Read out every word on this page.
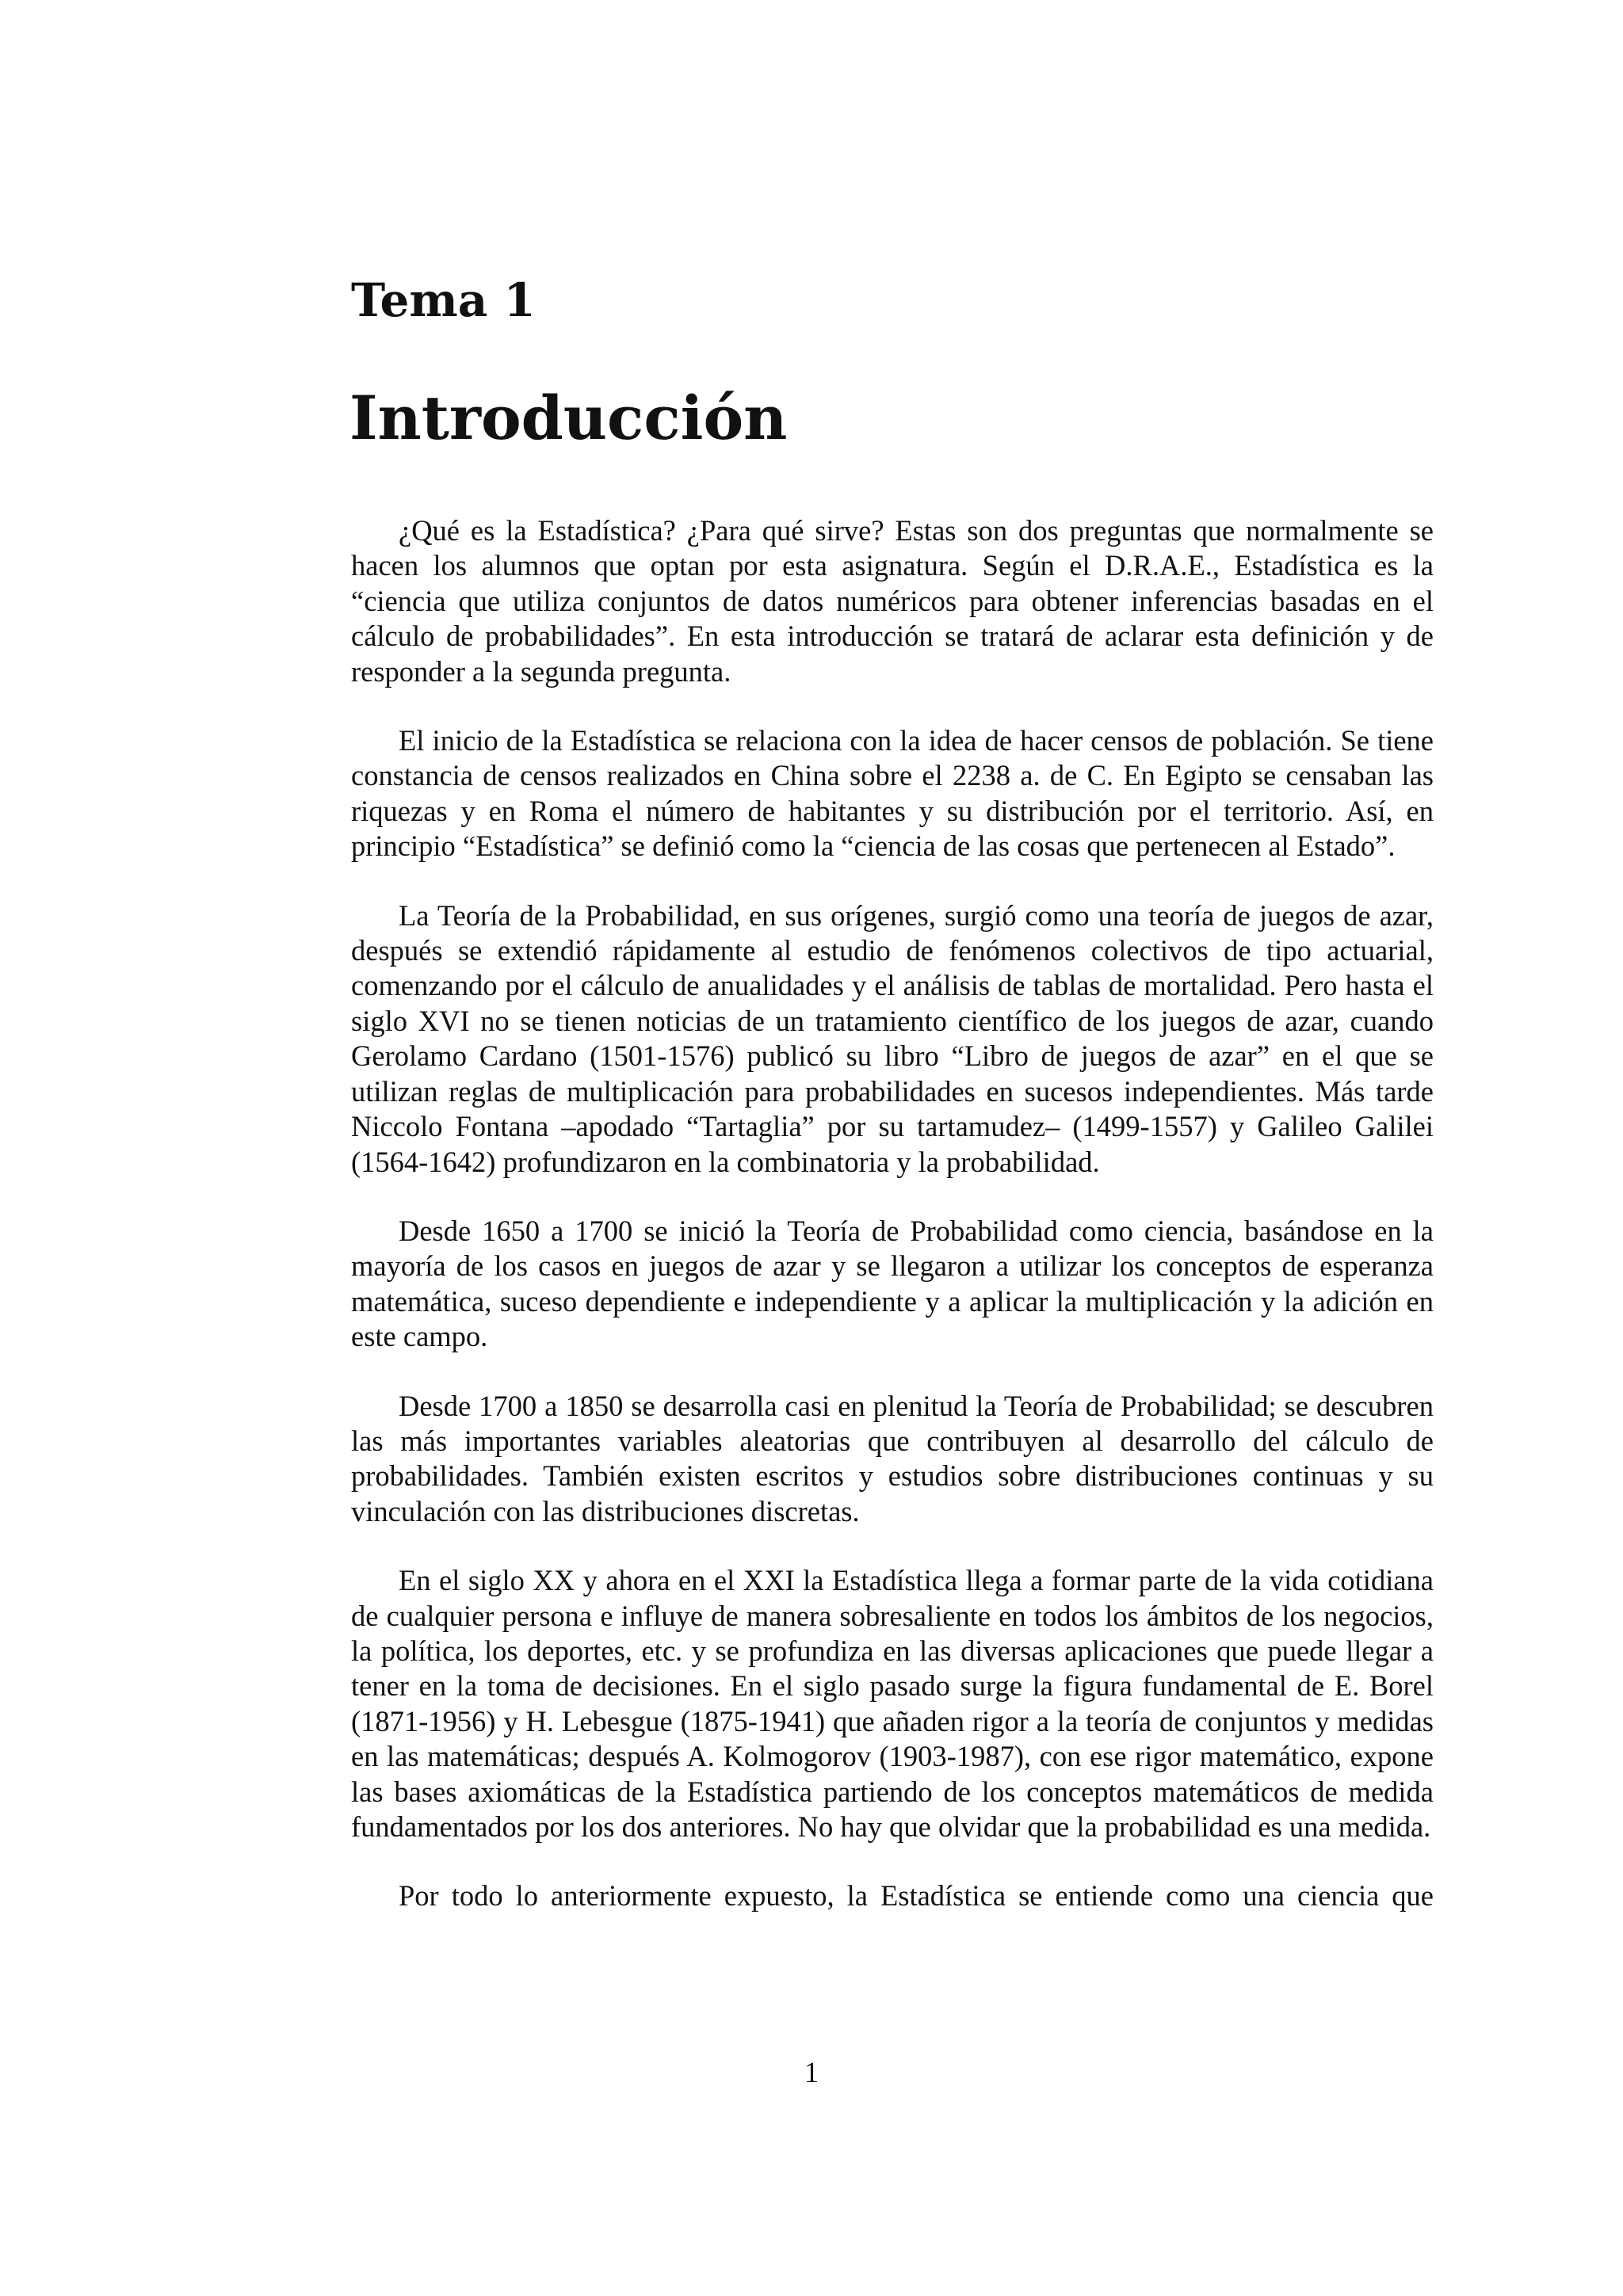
Tema 1
Introducción

¿Qué es la Estadística? ¿Para qué sirve? Estas son dos preguntas que normalmente se hacen los alumnos que optan por esta asignatura. Según el D.R.A.E., Estadística es la “ciencia que utiliza conjuntos de datos numéricos para obtener inferencias basadas en el cálculo de probabilidades”. En esta introducción se tratará de aclarar esta definición y de responder a la segunda pregunta.

El inicio de la Estadística se relaciona con la idea de hacer censos de población. Se tiene constancia de censos realizados en China sobre el 2238 a. de C. En Egipto se censaban las riquezas y en Roma el número de habitantes y su distribución por el territorio. Así, en principio “Estadística” se definió como la “ciencia de las cosas que pertenecen al Estado”.

La Teoría de la Probabilidad, en sus orígenes, surgió como una teoría de juegos de azar, después se extendió rápidamente al estudio de fenómenos colectivos de tipo actuarial, comenzando por el cálculo de anualidades y el análisis de tablas de mortalidad. Pero hasta el siglo XVI no se tienen noticias de un tratamiento científico de los juegos de azar, cuando Gerolamo Cardano (1501-1576) publicó su libro “Libro de juegos de azar” en el que se utilizan reglas de multiplicación para probabilidades en sucesos independientes. Más tarde Niccolo Fontana –apodado “Tartaglia” por su tartamudez– (1499-1557) y Galileo Galilei (1564-1642) profundizaron en la combinatoria y la probabilidad.

Desde 1650 a 1700 se inició la Teoría de Probabilidad como ciencia, basándose en la mayoría de los casos en juegos de azar y se llegaron a utilizar los conceptos de esperanza matemática, suceso dependiente e independiente y a aplicar la multiplicación y la adición en este campo.

Desde 1700 a 1850 se desarrolla casi en plenitud la Teoría de Probabilidad; se descubren las más importantes variables aleatorias que contribuyen al desarrollo del cálculo de probabilidades. También existen escritos y estudios sobre distribuciones continuas y su vinculación con las distribuciones discretas.

En el siglo XX y ahora en el XXI la Estadística llega a formar parte de la vida cotidiana de cualquier persona e influye de manera sobresaliente en todos los ámbitos de los negocios, la política, los deportes, etc. y se profundiza en las diversas aplicaciones que puede llegar a tener en la toma de decisiones. En el siglo pasado surge la figura fundamental de E. Borel (1871-1956) y H. Lebesgue (1875-1941) que añaden rigor a la teoría de conjuntos y medidas en las matemáticas; después A. Kolmogorov (1903-1987), con ese rigor matemático, expone las bases axiomáticas de la Estadística partiendo de los conceptos matemáticos de medida fundamentados por los dos anteriores. No hay que olvidar que la probabilidad es una medida.

Por todo lo anteriormente expuesto, la Estadística se entiende como una ciencia que

1
